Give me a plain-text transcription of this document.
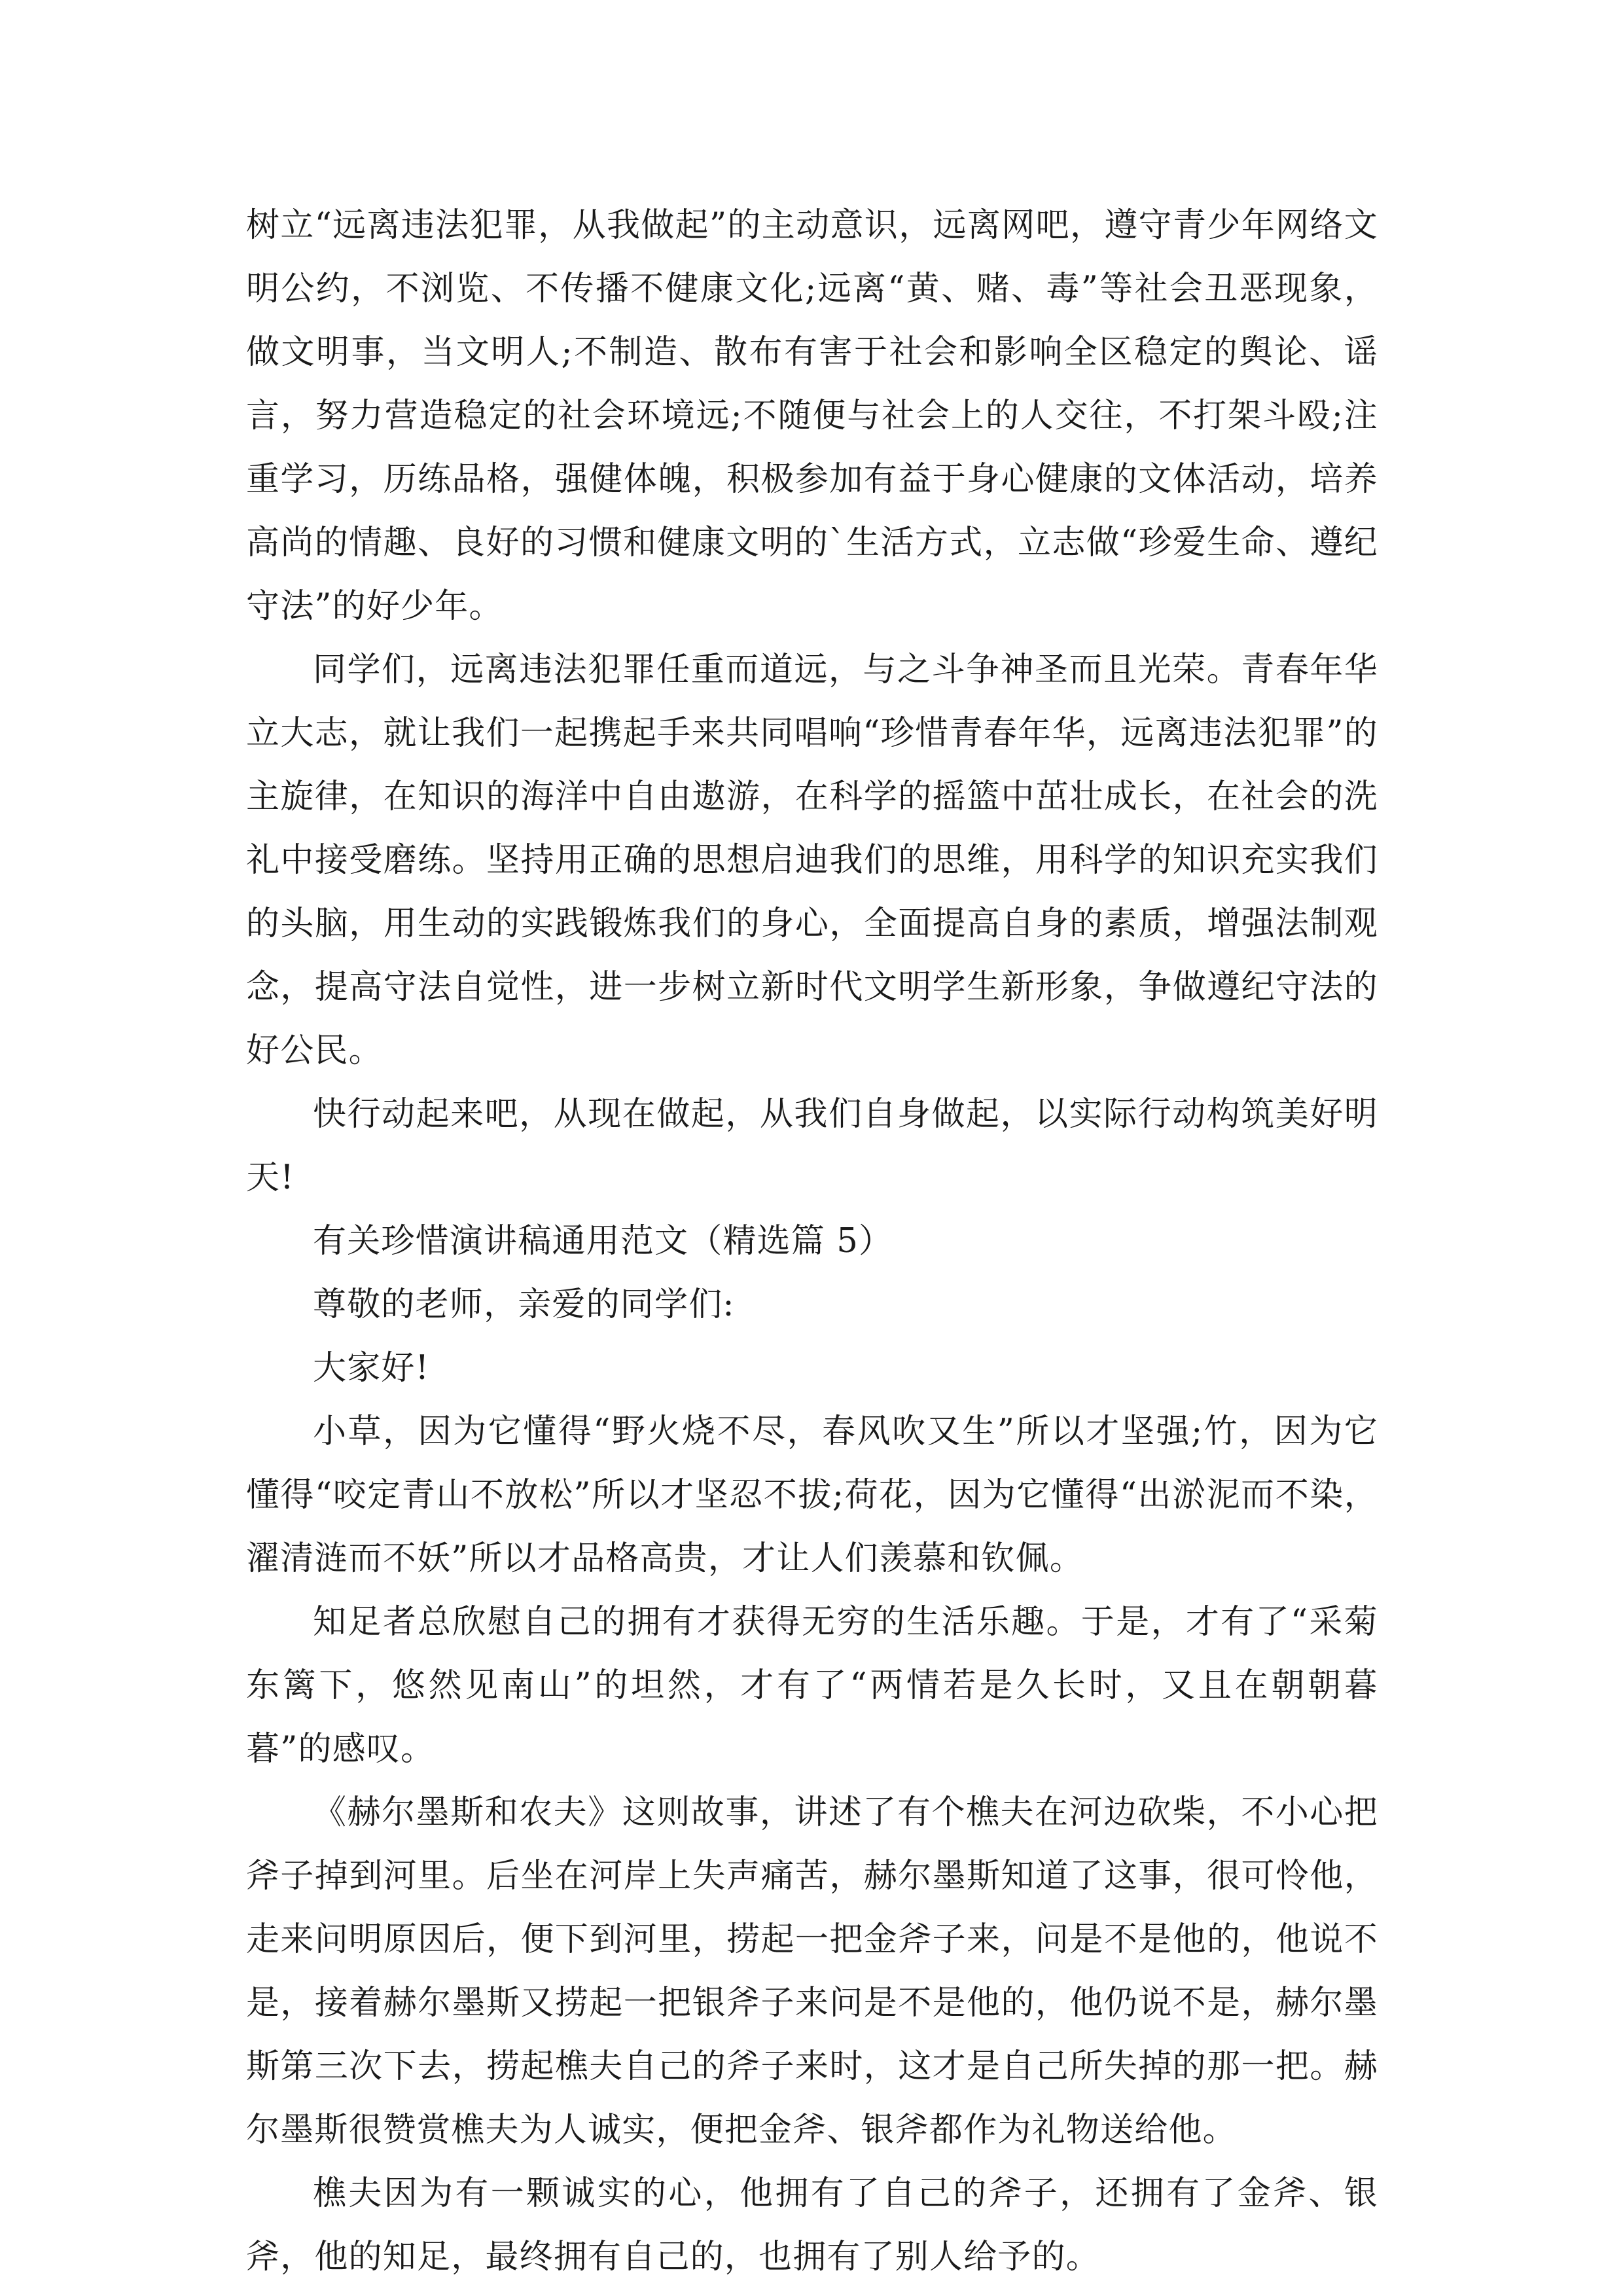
树立“远离违法犯罪，从我做起”的主动意识，远离网吧，遵守青少年网络文明公约，不浏览、不传播不健康文化;远离“黄、赌、毒”等社会丑恶现象，做文明事，当文明人;不制造、散布有害于社会和影响全区稳定的舆论、谣言，努力营造稳定的社会环境远;不随便与社会上的人交往，不打架斗殴;注重学习，历练品格，强健体魄，积极参加有益于身心健康的文体活动，培养高尚的情趣、良好的习惯和健康文明的`生活方式，立志做“珍爱生命、遵纪守法”的好少年。

同学们，远离违法犯罪任重而道远，与之斗争神圣而且光荣。青春年华立大志，就让我们一起携起手来共同唱响“珍惜青春年华，远离违法犯罪”的主旋律，在知识的海洋中自由遨游，在科学的摇篮中茁壮成长，在社会的洗礼中接受磨练。坚持用正确的思想启迪我们的思维，用科学的知识充实我们的头脑，用生动的实践锻炼我们的身心，全面提高自身的素质，增强法制观念，提高守法自觉性，进一步树立新时代文明学生新形象，争做遵纪守法的好公民。

快行动起来吧，从现在做起，从我们自身做起，以实际行动构筑美好明天!

有关珍惜演讲稿通用范文（精选篇 5）

尊敬的老师，亲爱的同学们:

大家好!

小草，因为它懂得“野火烧不尽，春风吹又生”所以才坚强;竹，因为它懂得“咬定青山不放松”所以才坚忍不拔;荷花，因为它懂得“出淤泥而不染，濯清涟而不妖”所以才品格高贵，才让人们羡慕和钦佩。

知足者总欣慰自己的拥有才获得无穷的生活乐趣。于是，才有了“采菊东篱下，悠然见南山”的坦然，才有了“两情若是久长时，又且在朝朝暮暮”的感叹。

《赫尔墨斯和农夫》这则故事，讲述了有个樵夫在河边砍柴，不小心把斧子掉到河里。后坐在河岸上失声痛苦，赫尔墨斯知道了这事，很可怜他，走来问明原因后，便下到河里，捞起一把金斧子来，问是不是他的，他说不是，接着赫尔墨斯又捞起一把银斧子来问是不是他的，他仍说不是，赫尔墨斯第三次下去，捞起樵夫自己的斧子来时，这才是自己所失掉的那一把。赫尔墨斯很赞赏樵夫为人诚实，便把金斧、银斧都作为礼物送给他。

樵夫因为有一颗诚实的心，他拥有了自己的斧子，还拥有了金斧、银斧，他的知足，最终拥有自己的，也拥有了别人给予的。
